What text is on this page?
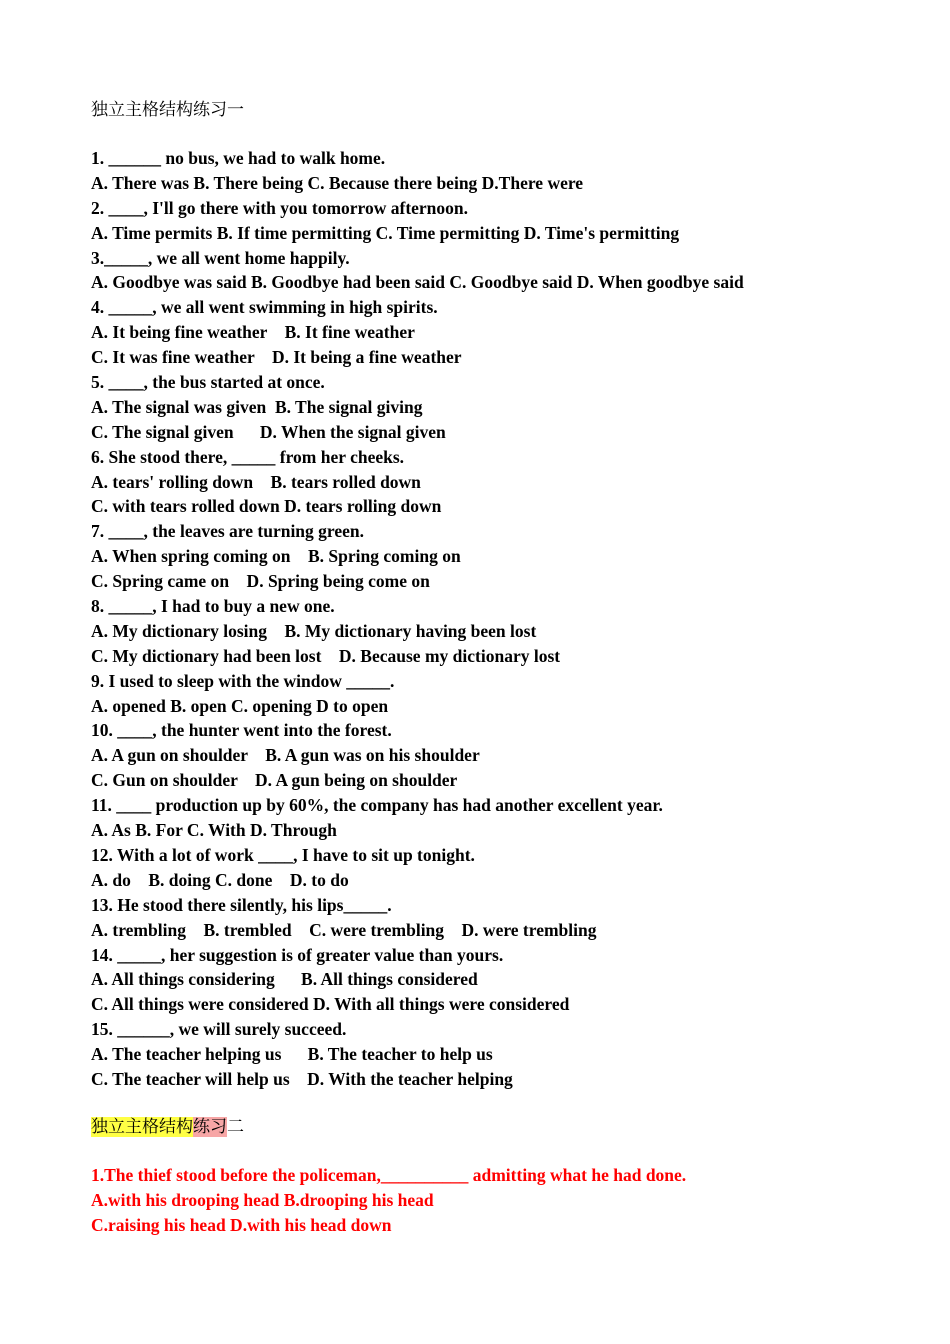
独立主格结构练习一
1. ______ no bus, we had to walk home.
A. There was B. There being C. Because there being D.There were
2. ____, I'll go there with you tomorrow afternoon.
A. Time permits B. If time permitting C. Time permitting D. Time's permitting
3._____, we all went home happily.
A. Goodbye was said B. Goodbye had been said C. Goodbye said D. When goodbye said
4. _____, we all went swimming in high spirits.
A. It being fine weather    B. It fine weather
C. It was fine weather    D. It being a fine weather
5. ____, the bus started at once.
A. The signal was given  B. The signal giving
C. The signal given      D. When the signal given
6. She stood there, _____ from her cheeks.
A. tears' rolling down    B. tears rolled down
C. with tears rolled down D. tears rolling down
7. ____, the leaves are turning green.
A. When spring coming on    B. Spring coming on
C. Spring came on    D. Spring being come on
8. _____, I had to buy a new one.
A. My dictionary losing    B. My dictionary having been lost
C. My dictionary had been lost    D. Because my dictionary lost
9. I used to sleep with the window _____.
A. opened B. open C. opening D to open
10. ____, the hunter went into the forest.
A. A gun on shoulder    B. A gun was on his shoulder
C. Gun on shoulder    D. A gun being on shoulder
11. ____ production up by 60%, the company has had another excellent year.
A. As B. For C. With D. Through
12. With a lot of work ____, I have to sit up tonight.
A. do    B. doing C. done    D. to do
13. He stood there silently, his lips_____.
A. trembling    B. trembled    C. were trembling    D. were trembling
14. _____, her suggestion is of greater value than yours.
A. All things considering      B. All things considered
C. All things were considered D. With all things were considered
15. ______, we will surely succeed.
A. The teacher helping us      B. The teacher to help us
C. The teacher will help us    D. With the teacher helping
独立主格结构练习二
1.The thief stood before the policeman,__________ admitting what he had done.
A.with his drooping head B.drooping his head
C.raising his head D.with his head down
